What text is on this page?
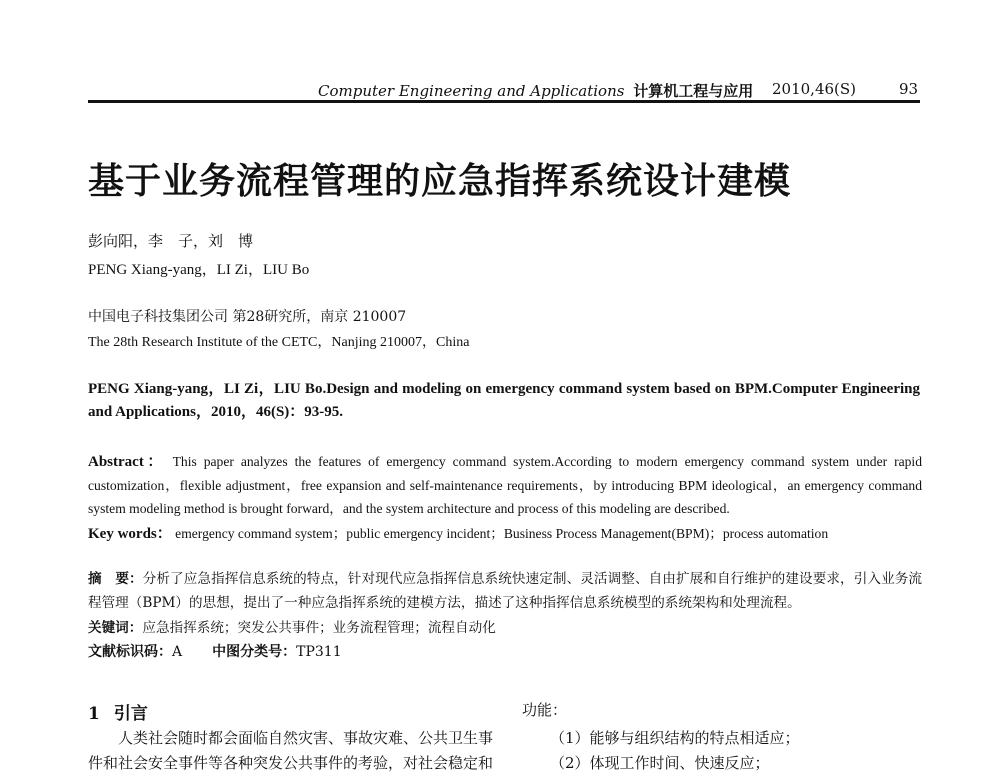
Computer Engineering and Applications 计算机工程与应用 2010,46(S)	93
基于业务流程管理的应急指挥系统设计建模
彭向阳，李　子，刘　博
PENG Xiang-yang，LI Zi，LIU Bo
中国电子科技集团公司 第28研究所，南京 210007
The 28th Research Institute of the CETC，Nanjing 210007，China
PENG Xiang-yang，LI Zi，LIU Bo.Design and modeling on emergency command system based on BPM.Computer Engineering and Applications，2010，46(S)：93-95.
Abstract： This paper analyzes the features of emergency command system.According to modern emergency command system under rapid customization，flexible adjustment，free expansion and self-maintenance requirements，by introducing BPM ideological，an emergency command system modeling method is brought forward，and the system architecture and process of this modeling are described.
Key words： emergency command system；public emergency incident；Business Process Management(BPM)；process automation
摘　要：分析了应急指挥信息系统的特点，针对现代应急指挥信息系统快速定制、灵活调整、自由扩展和自行维护的建设要求，引入业务流程管理（BPM）的思想，提出了一种应急指挥系统的建模方法，描述了这种指挥信息系统模型的系统架构和处理流程。
关键词：应急指挥系统；突发公共事件；业务流程管理；流程自动化
文献标识码：A 中图分类号：TP311
1 引言
人类社会随时都会面临自然灾害、事故灾难、公共卫生事
件和社会安全事件等各种突发公共事件的考验，对社会稳定和
功能：
（1）能够与组织结构的特点相适应；
（2）体现工作时间、快速反应；
